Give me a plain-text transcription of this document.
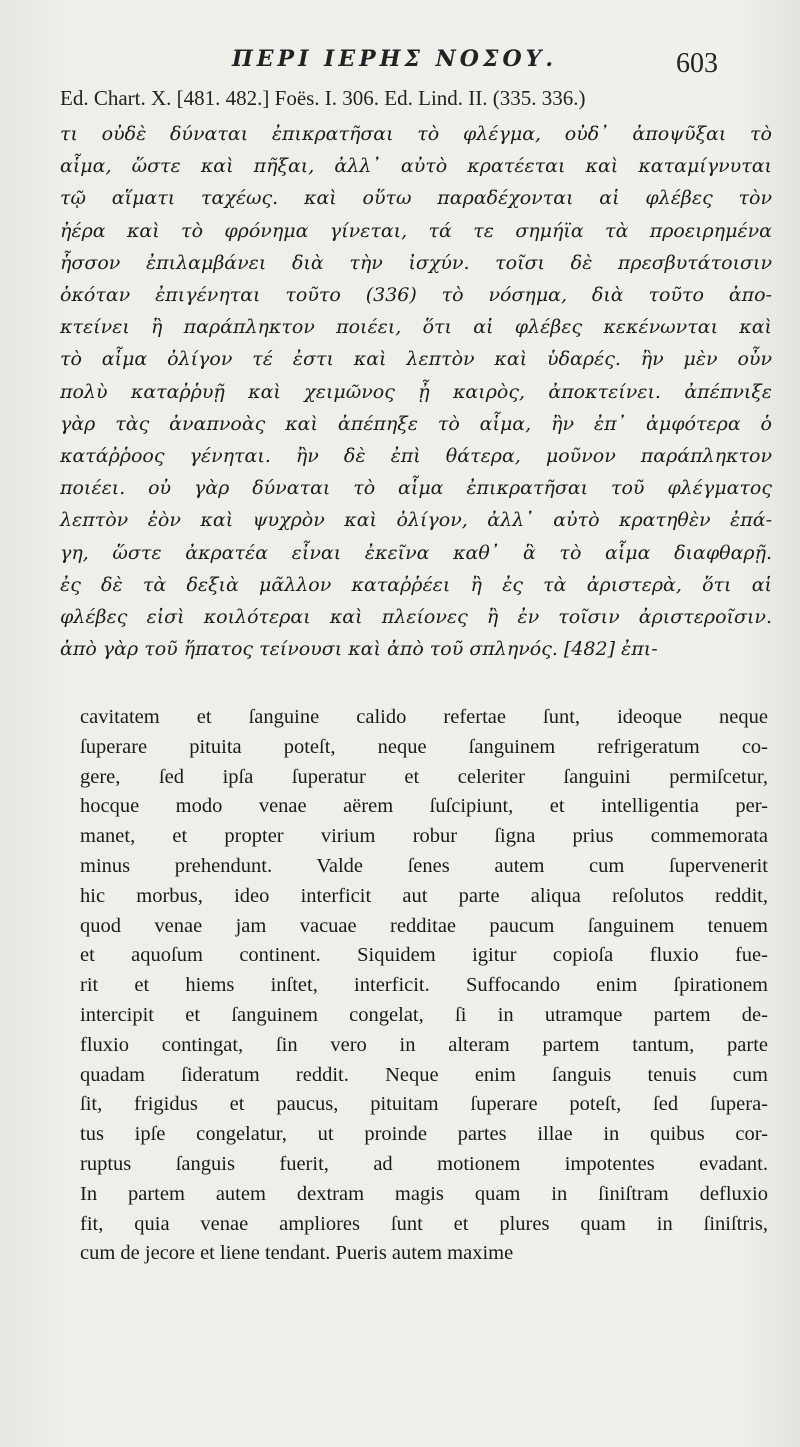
ΠΕΡΙ ΙΕΡΗΣ ΝΟΣΟΥ.	603
Ed. Chart. X. [481. 482.] Foës. I. 306. Ed. Lind. II. (335. 336.)
τι οὐδὲ δύναται ἐπικρατῆσαι τὸ φλέγμα, οὐδ᾽ ἀποψῦξαι τὸ
αἷμα, ὥστε καὶ πῆξαι, ἀλλ᾽ αὐτὸ κρατέεται καὶ καταμίγνυται
τῷ αἵματι ταχέως. καὶ οὕτω παραδέχονται αἱ φλέβες τὸν
ἠέρα καὶ τὸ φρόνημα γίνεται, τά τε σημήϊα τὰ προειρημένα
ἧσσον ἐπιλαμβάνει διὰ τὴν ἰσχύν. τοῖσι δὲ πρεσβυτάτοισιν
ὁκόταν ἐπιγένηται τοῦτο (336) τὸ νόσημα, διὰ τοῦτο ἀπο-
κτείνει ἢ παράπληκτον ποιέει, ὅτι αἱ φλέβες κεκένωνται καὶ
τὸ αἷμα ὀλίγον τέ ἐστι καὶ λεπτὸν καὶ ὑδαρές. ἢν μὲν οὖν
πολὺ καταῤῥυῇ καὶ χειμῶνος ᾖ καιρὸς, ἀποκτείνει. ἀπέπνιξε
γὰρ τὰς ἀναπνοὰς καὶ ἀπέπηξε τὸ αἷμα, ἢν ἐπ᾽ ἀμφότερα ὁ
κατάῤῥοος γένηται. ἢν δὲ ἐπὶ θάτερα, μοῦνον παράπληκτον
ποιέει. οὐ γὰρ δύναται τὸ αἷμα ἐπικρατῆσαι τοῦ φλέγματος
λεπτὸν ἐὸν καὶ ψυχρὸν καὶ ὀλίγον, ἀλλ᾽ αὐτὸ κρατηθὲν ἐπά-
γη, ὥστε ἀκρατέα εἶναι ἐκεῖνα καθ᾽ ἃ τὸ αἷμα διαφθαρῇ.
ἐς δὲ τὰ δεξιὰ μᾶλλον καταῤῥέει ἢ ἐς τὰ ἀριστερὰ, ὅτι αἱ
φλέβες εἰσὶ κοιλότεραι καὶ πλείονες ἢ ἐν τοῖσιν ἀριστεροῖσιν.
ἀπὸ γὰρ τοῦ ἥπατος τείνουσι καὶ ἀπὸ τοῦ σπληνός. [482] ἐπι-
cavitatem et ſanguine calido refertae ſunt, ideoque neque
ſuperare pituita poteſt, neque ſanguinem refrigeratum co-
gere, ſed ipſa ſuperatur et celeriter ſanguini permiſcetur,
hocque modo venae aërem ſuſcipiunt, et intelligentia per-
manet, et propter virium robur ſigna prius commemorata
minus prehendunt. Valde ſenes autem cum ſupervenerit
hic morbus, ideo interficit aut parte aliqua reſolutos reddit,
quod venae jam vacuae redditae paucum ſanguinem tenuem
et aquoſum continent. Siquidem igitur copioſa fluxio fue-
rit et hiems inſtet, interficit. Suffocando enim ſpirationem
intercipit et ſanguinem congelat, ſi in utramque partem de-
fluxio contingat, ſin vero in alteram partem tantum, parte
quadam ſideratum reddit. Neque enim ſanguis tenuis cum
ſit, frigidus et paucus, pituitam ſuperare poteſt, ſed ſupera-
tus ipſe congelatur, ut proinde partes illae in quibus cor-
ruptus ſanguis fuerit, ad motionem impotentes evadant.
In partem autem dextram magis quam in ſiniſtram defluxio
fit, quia venae ampliores ſunt et plures quam in ſiniſtris,
cum de jecore et liene tendant. Pueris autem maxime
